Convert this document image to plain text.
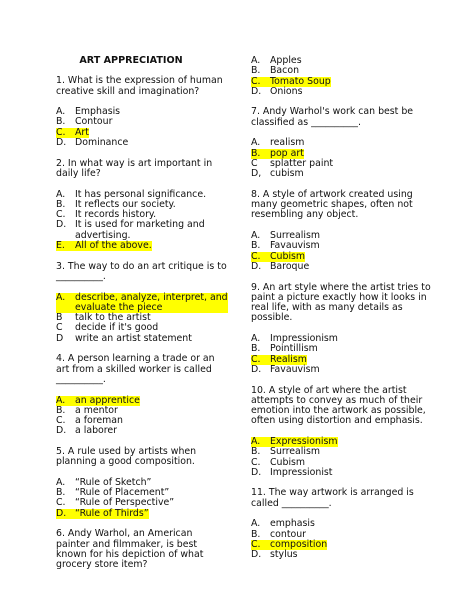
ART APPRECIATION
1. What is the expression of human creative skill and imagination?
A.	Emphasis
B.	Contour
C.	Art
D. Dominance
2. In what way is art important in daily life?
A.	It has personal significance.
B.	It reflects our society.
C.	It records history.
D. It is used for marketing and advertising.
E.	All of the above.
3. The way to do an art critique is to __________.
A.	describe, analyze, interpret, and evaluate the piece
B	talk to the artist
C	decide if it's good
D	write an artist statement
4. A person learning a trade or an art from a skilled worker is called __________.
A.	an apprentice
B.	a mentor
C.	a foreman
D. a laborer
5. A rule used by artists when planning a good composition.
A.	“Rule of Sketch”
B.	“Rule of Placement”
C.	“Rule of Perspective”
D. “Rule of Thirds”
6. Andy Warhol, an American painter and filmmaker, is best known for his depiction of what grocery store item?
A.	Apples
B.	Bacon
C.	Tomato Soup
D. Onions
7. Andy Warhol's work can best be classified as __________.
A.	realism
B.	pop art
C	splatter paint
D, cubism
8. A style of artwork created using many geometric shapes, often not resembling any object.
A.	Surrealism
B.	Favauvism
C.	Cubism
D. Baroque
9. An art style where the artist tries to paint a picture exactly how it looks in real life, with as many details as possible.
A.	Impressionism
B.	Pointillism
C.	Realism
D. Favauvism
10. A style of art where the artist attempts to convey as much of their emotion into the artwork as possible, often using distortion and emphasis.
A.	Expressionism
B.	Surrealism
C.	Cubism
D. Impressionist
11. The way artwork is arranged is called __________.
A.	emphasis
B.	contour
C.	composition
D. stylus
